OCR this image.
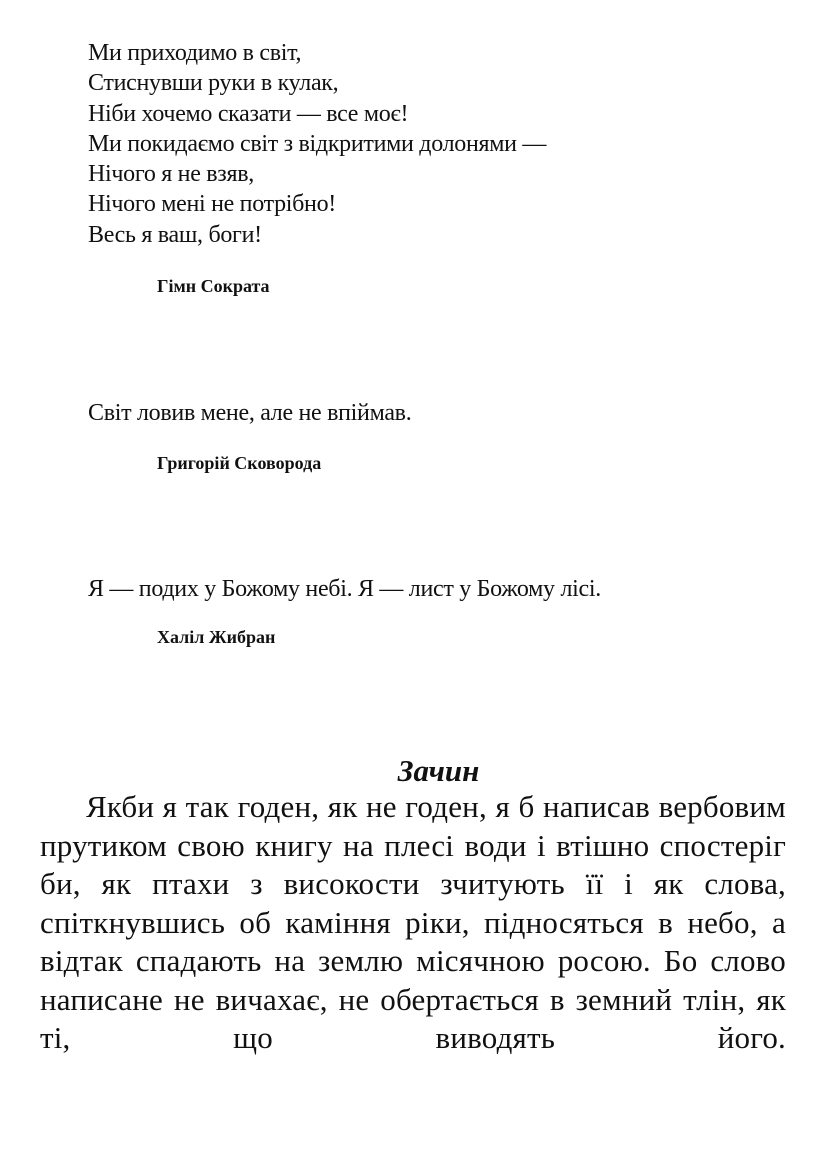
Ми приходимо в світ,
Стиснувши руки в кулак,
Ніби хочемо сказати — все моє!
Ми покидаємо світ з відкритими долонями —
Нічого я не взяв,
Нічого мені не потрібно!
Весь я ваш, боги!
Гімн Сократа
Світ ловив мене, але не впіймав.
Григорій Сковорода
Я — подих у Божому небі. Я — лист у Божому лісі.
Халіл Жибран
Зачин

Якби я так годен, як не годен, я б написав вербовим прутиком свою книгу на плесі води і втішно спостеріг би, як птахи з високости зчитують її і як слова, спіткнувшись об каміння ріки, підносяться в небо, а відтак спадають на землю місячною росою. Бо слово написане не вичахає, не обертається в земний тлін, як ті, що виводять його.
